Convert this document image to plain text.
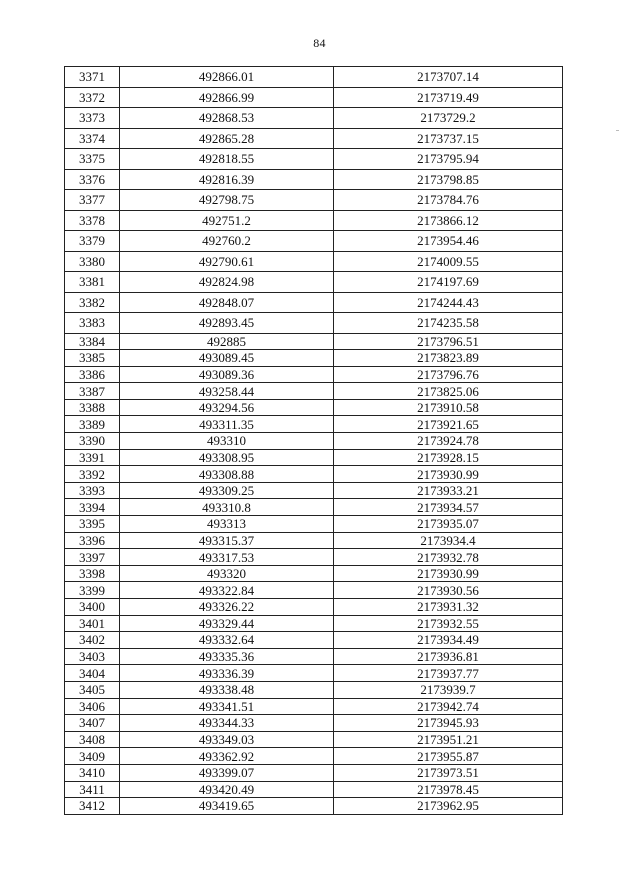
84
3371	492866.01	2173707.14
3372	492866.99	2173719.49
3373	492868.53	2173729.2
3374	492865.28	2173737.15
3375	492818.55	2173795.94
3376	492816.39	2173798.85
3377	492798.75	2173784.76
3378	492751.2	2173866.12
3379	492760.2	2173954.46
3380	492790.61	2174009.55
3381	492824.98	2174197.69
3382	492848.07	2174244.43
3383	492893.45	2174235.58
3384	492885	2173796.51
3385	493089.45	2173823.89
3386	493089.36	2173796.76
3387	493258.44	2173825.06
3388	493294.56	2173910.58
3389	493311.35	2173921.65
3390	493310	2173924.78
3391	493308.95	2173928.15
3392	493308.88	2173930.99
3393	493309.25	2173933.21
3394	493310.8	2173934.57
3395	493313	2173935.07
3396	493315.37	2173934.4
3397	493317.53	2173932.78
3398	493320	2173930.99
3399	493322.84	2173930.56
3400	493326.22	2173931.32
3401	493329.44	2173932.55
3402	493332.64	2173934.49
3403	493335.36	2173936.81
3404	493336.39	2173937.77
3405	493338.48	2173939.7
3406	493341.51	2173942.74
3407	493344.33	2173945.93
3408	493349.03	2173951.21
3409	493362.92	2173955.87
3410	493399.07	2173973.51
3411	493420.49	2173978.45
3412	493419.65	2173962.95
